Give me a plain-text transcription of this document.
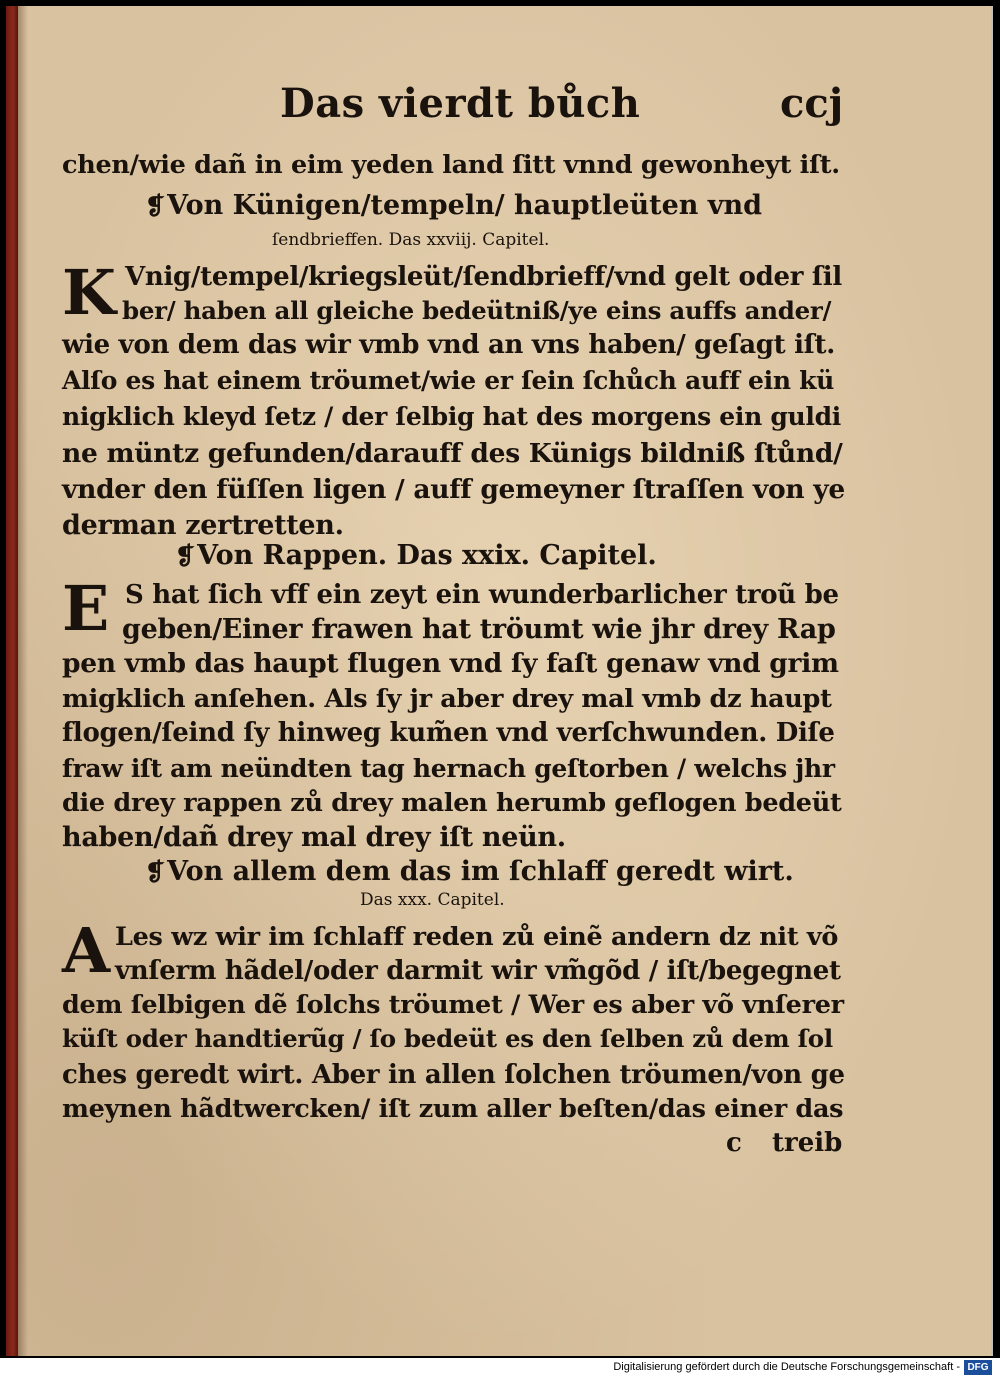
Das vierdt bůch	ccj
chen/wie dañ in eim yeden land ſitt vnnd gewonheyt iſt.
❡Von Künigen/tempeln/ hauptleüten vnd
ſendbrieffen. Das xxviij. Capitel.
Vnig/tempel/kriegsleüt/ſendbrieff/vnd gelt oder ſil
ber/ haben all gleiche bedeütniß/ye eins auffs ander/
wie von dem das wir vmb vnd an vns haben/ geſagt iſt.
Alſo es hat einem tröumet/wie er ſein ſchůch auff ein kü
nigklich kleyd ſetz / der ſelbig hat des morgens ein guldi
ne müntz gefunden/darauff des Künigs bildniß ſtůnd/
vnder den füſſen ligen / auff gemeyner ſtraſſen von ye
derman zertretten.
❡Von Rappen. Das xxix. Capitel.
S hat ſich vff ein zeyt ein wunderbarlicher troũ be
geben/Einer frawen hat tröumt wie jhr drey Rap
pen vmb das haupt flugen vnd ſy faſt genaw vnd grim
migklich anſehen. Als ſy jr aber drey mal vmb dz haupt
flogen/ſeind ſy hinweg kum̃en vnd verſchwunden. Diſe
fraw iſt am neündten tag hernach geſtorben / welchs jhr
die drey rappen zů drey malen herumb geflogen bedeüt
haben/dañ drey mal drey iſt neün.
❡Von allem dem das im ſchlaff geredt wirt.
Das xxx. Capitel.
Les wz wir im ſchlaff reden zů einẽ andern dz nit võ
vnſerm hãdel/oder darmit wir vm̃gõd / iſt/begegnet
dem ſelbigen dẽ ſolchs tröumet / Wer es aber võ vnſerer
küſt oder handtierũg / ſo bedeüt es den ſelben zů dem ſol
ches geredt wirt. Aber in allen ſolchen tröumen/von ge
meynen hãdtwercken/ iſt zum aller beſten/das einer das
K
E
A
c treib
Digitalisierung gefördert durch die Deutsche Forschungsgemeinschaft - DFG
